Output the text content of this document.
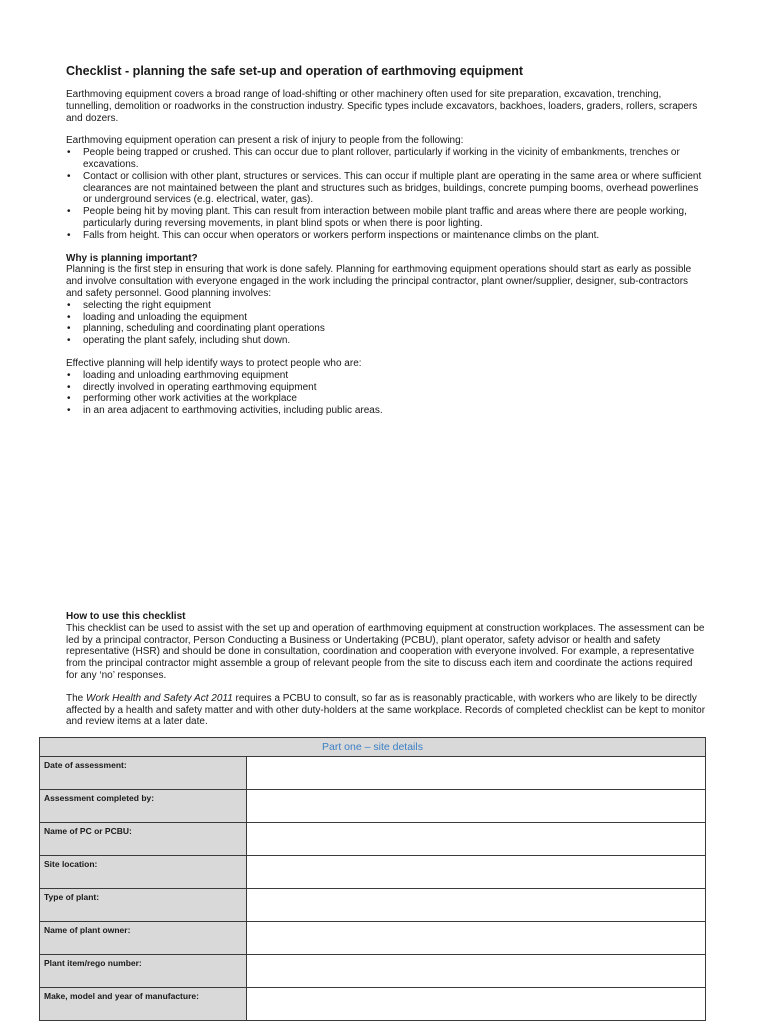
Checklist - planning the safe set-up and operation of earthmoving equipment

Earthmoving equipment covers a broad range of load-shifting or other machinery often used for site preparation, excavation, trenching, tunnelling, demolition or roadworks in the construction industry. Specific types include excavators, backhoes, loaders, graders, rollers, scrapers and dozers.

Earthmoving equipment operation can present a risk of injury to people from the following:

• People being trapped or crushed. This can occur due to plant rollover, particularly if working in the vicinity of embankments, trenches or excavations.
• Contact or collision with other plant, structures or services. This can occur if multiple plant are operating in the same area or where sufficient clearances are not maintained between the plant and structures such as bridges, buildings, concrete pumping booms, overhead powerlines or underground services (e.g. electrical, water, gas).
• People being hit by moving plant. This can result from interaction between mobile plant traffic and areas where there are people working, particularly during reversing movements, in plant blind spots or when there is poor lighting.
• Falls from height. This can occur when operators or workers perform inspections or maintenance climbs on the plant.

Why is planning important?

Planning is the first step in ensuring that work is done safely. Planning for earthmoving equipment operations should start as early as possible and involve consultation with everyone engaged in the work including the principal contractor, plant owner/supplier, designer, sub-contractors and safety personnel. Good planning involves:

• selecting the right equipment
• loading and unloading the equipment
• planning, scheduling and coordinating plant operations
• operating the plant safely, including shut down.

Effective planning will help identify ways to protect people who are:

• loading and unloading earthmoving equipment
• directly involved in operating earthmoving equipment
• performing other work activities at the workplace
• in an area adjacent to earthmoving activities, including public areas.

How to use this checklist

This checklist can be used to assist with the set up and operation of earthmoving equipment at construction workplaces. The assessment can be led by a principal contractor, Person Conducting a Business or Undertaking (PCBU), plant operator, safety advisor or health and safety representative (HSR) and should be done in consultation, coordination and cooperation with everyone involved. For example, a representative from the principal contractor might assemble a group of relevant people from the site to discuss each item and coordinate the actions required for any ‘no’ responses.

The Work Health and Safety Act 2011 requires a PCBU to consult, so far as is reasonably practicable, with workers who are likely to be directly affected by a health and safety matter and with other duty-holders at the same workplace. Records of completed checklist can be kept to monitor and review items at a later date.

Part one – site details	
Date of assessment:	
Assessment completed by:	
Name of PC or PCBU:	
Site location:	
Type of plant:	
Name of plant owner:	
Plant item/rego number:	
Make, model and year of manufacture:	
